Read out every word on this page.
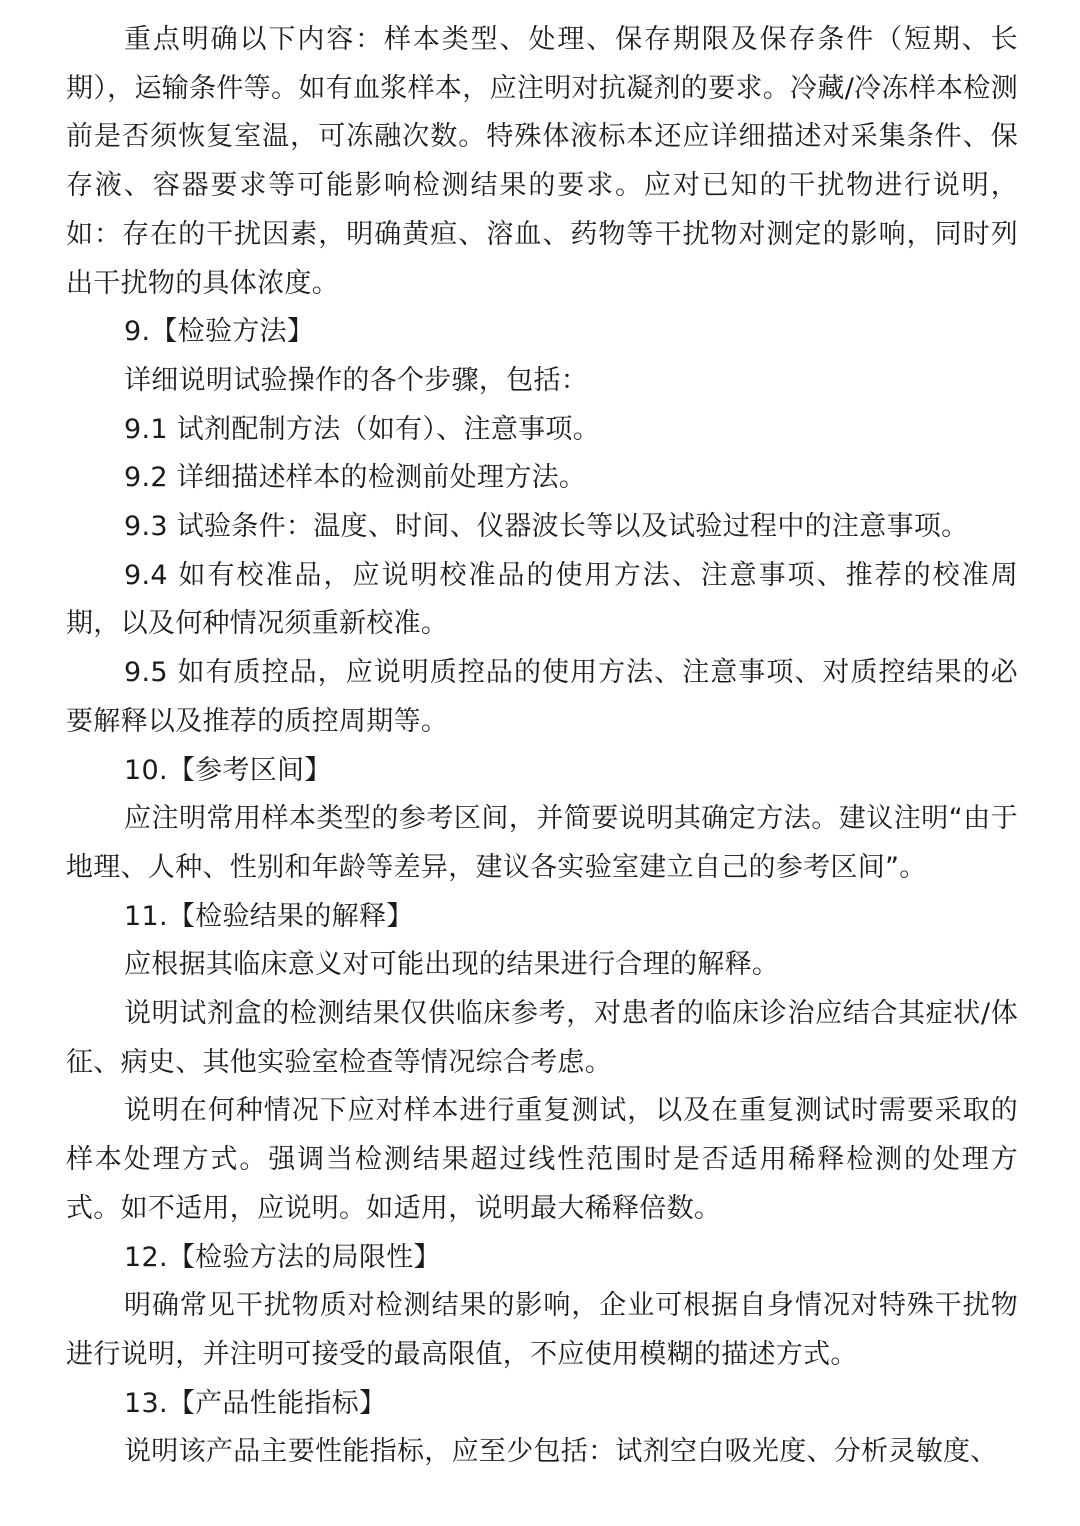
重点明确以下内容：样本类型、处理、保存期限及保存条件（短期、长期），运输条件等。如有血浆样本，应注明对抗凝剂的要求。冷藏/冷冻样本检测前是否须恢复室温，可冻融次数。特殊体液标本还应详细描述对采集条件、保存液、容器要求等可能影响检测结果的要求。应对已知的干扰物进行说明，如：存在的干扰因素，明确黄疸、溶血、药物等干扰物对测定的影响，同时列出干扰物的具体浓度。

9.【检验方法】

详细说明试验操作的各个步骤，包括：

9.1 试剂配制方法（如有）、注意事项。

9.2 详细描述样本的检测前处理方法。

9.3 试验条件：温度、时间、仪器波长等以及试验过程中的注意事项。

9.4 如有校准品，应说明校准品的使用方法、注意事项、推荐的校准周期，以及何种情况须重新校准。

9.5 如有质控品，应说明质控品的使用方法、注意事项、对质控结果的必要解释以及推荐的质控周期等。

10.【参考区间】

应注明常用样本类型的参考区间，并简要说明其确定方法。建议注明“由于地理、人种、性别和年龄等差异，建议各实验室建立自己的参考区间”。

11.【检验结果的解释】

应根据其临床意义对可能出现的结果进行合理的解释。

说明试剂盒的检测结果仅供临床参考，对患者的临床诊治应结合其症状/体征、病史、其他实验室检查等情况综合考虑。

说明在何种情况下应对样本进行重复测试，以及在重复测试时需要采取的样本处理方式。强调当检测结果超过线性范围时是否适用稀释检测的处理方式。如不适用，应说明。如适用，说明最大稀释倍数。

12.【检验方法的局限性】

明确常见干扰物质对检测结果的影响，企业可根据自身情况对特殊干扰物进行说明，并注明可接受的最高限值，不应使用模糊的描述方式。

13.【产品性能指标】

说明该产品主要性能指标，应至少包括：试剂空白吸光度、分析灵敏度、
